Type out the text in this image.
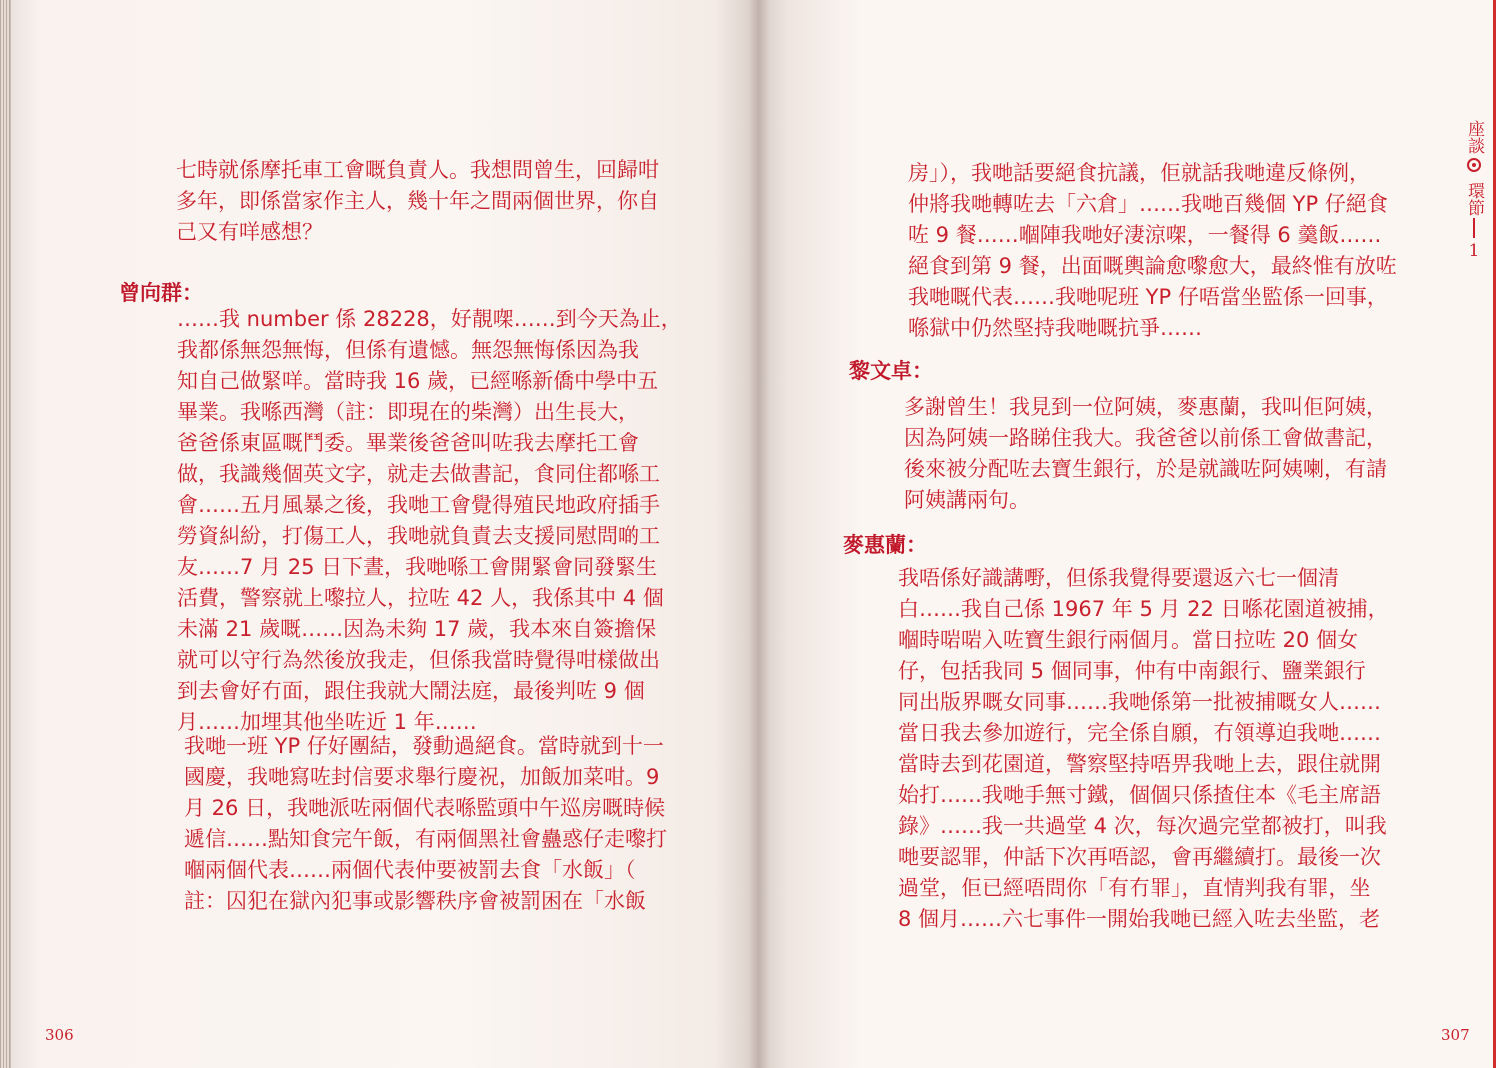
七時就係摩托車工會嘅負責人。我想問曾生，回歸咁
多年，即係當家作主人，幾十年之間兩個世界，你自
己又有咩感想？
曾向群：
……我 number 係 28228，好靚㗎……到今天為止，
我都係無怨無悔，但係有遺憾。無怨無悔係因為我
知自己做緊咩。當時我 16 歲，已經喺新僑中學中五
畢業。我喺西灣（註：即現在的柴灣）出生長大，
爸爸係東區嘅鬥委。畢業後爸爸叫咗我去摩托工會
做，我識幾個英文字，就走去做書記，食同住都喺工
會……五月風暴之後，我哋工會覺得殖民地政府插手
勞資糾紛，打傷工人，我哋就負責去支援同慰問啲工
友……7 月 25 日下晝，我哋喺工會開緊會同發緊生
活費，警察就上嚟拉人，拉咗 42 人，我係其中 4 個
未滿 21 歲嘅……因為未夠 17 歲，我本來自簽擔保
就可以守行為然後放我走，但係我當時覺得咁樣做出
到去會好冇面，跟住我就大鬧法庭，最後判咗 9 個
月……加埋其他坐咗近 1 年……
我哋一班 YP 仔好團結，發動過絕食。當時就到十一
國慶，我哋寫咗封信要求舉行慶祝，加飯加菜咁。9
月 26 日，我哋派咗兩個代表喺監頭中午巡房嘅時候
遞信……點知食完午飯，有兩個黑社會蠱惑仔走嚟打
嗰兩個代表……兩個代表仲要被罰去食「水飯」（
註：囚犯在獄內犯事或影響秩序會被罰困在「水飯
306
房」），我哋話要絕食抗議，佢就話我哋違反條例，
仲將我哋轉咗去「六倉」……我哋百幾個 YP 仔絕食
咗 9 餐……嗰陣我哋好淒涼㗎，一餐得 6 羹飯……
絕食到第 9 餐，出面嘅輿論愈嚟愈大，最終惟有放咗
我哋嘅代表……我哋呢班 YP 仔唔當坐監係一回事，
喺獄中仍然堅持我哋嘅抗爭……
黎文卓：
多謝曾生！我見到一位阿姨，麥惠蘭，我叫佢阿姨，
因為阿姨一路睇住我大。我爸爸以前係工會做書記，
後來被分配咗去寶生銀行，於是就識咗阿姨喇，有請
阿姨講兩句。
麥惠蘭：
我唔係好識講嘢，但係我覺得要還返六七一個清
白……我自己係 1967 年 5 月 22 日喺花園道被捕，
嗰時啱啱入咗寶生銀行兩個月。當日拉咗 20 個女
仔，包括我同 5 個同事，仲有中南銀行、鹽業銀行
同出版界嘅女同事……我哋係第一批被捕嘅女人……
當日我去參加遊行，完全係自願，冇領導迫我哋……
當時去到花園道，警察堅持唔畀我哋上去，跟住就開
始打……我哋手無寸鐵，個個只係揸住本《毛主席語
錄》……我一共過堂 4 次，每次過完堂都被打，叫我
哋要認罪，仲話下次再唔認，會再繼續打。最後一次
過堂，佢已經唔問你「有冇罪」，直情判我有罪，坐
8 個月……六七事件一開始我哋已經入咗去坐監，老
307
座談
環節
1
